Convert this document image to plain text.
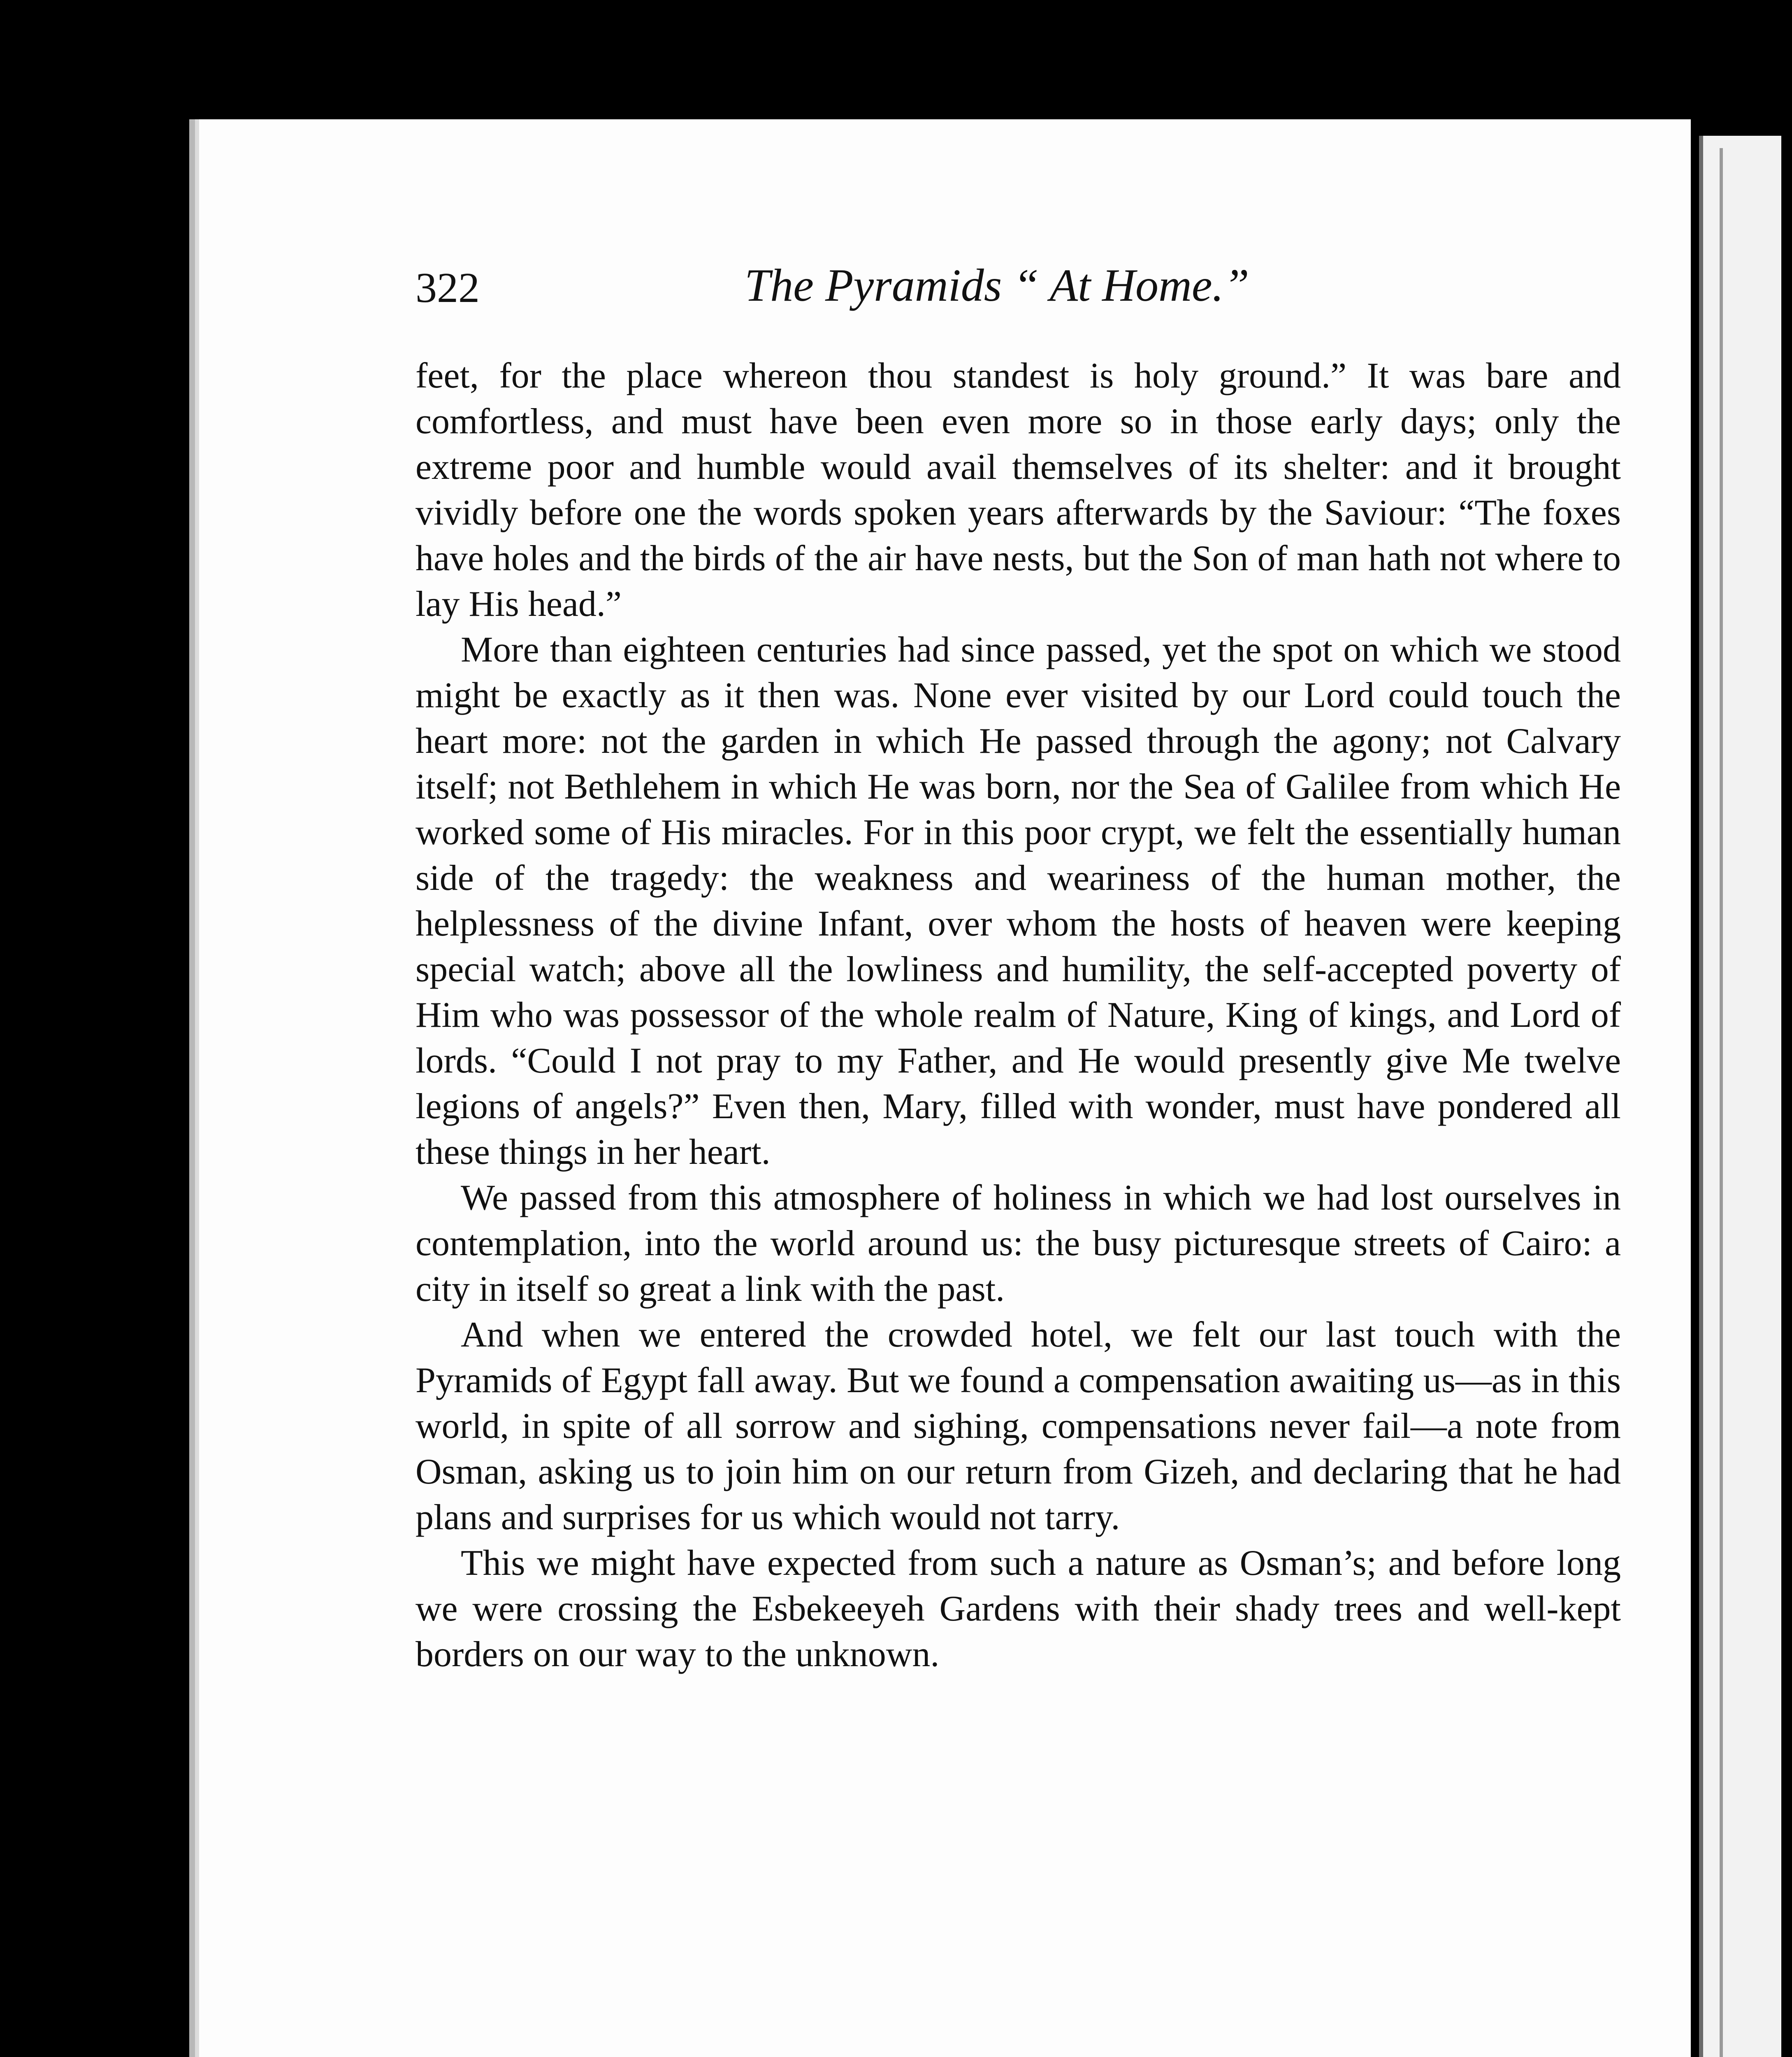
322	The Pyramids “ At Home.”

feet, for the place whereon thou standest is holy ground.” It was bare and comfortless, and must have been even more so in those early days; only the extreme poor and humble would avail themselves of its shelter: and it brought vividly before one the words spoken years afterwards by the Saviour: “The foxes have holes and the birds of the air have nests, but the Son of man hath not where to lay His head.”

More than eighteen centuries had since passed, yet the spot on which we stood might be exactly as it then was. None ever visited by our Lord could touch the heart more: not the garden in which He passed through the agony; not Calvary itself; not Bethlehem in which He was born, nor the Sea of Galilee from which He worked some of His miracles. For in this poor crypt, we felt the essentially human side of the tragedy: the weakness and weariness of the human mother, the helplessness of the divine Infant, over whom the hosts of heaven were keeping special watch; above all the lowliness and humility, the self-accepted poverty of Him who was possessor of the whole realm of Nature, King of kings, and Lord of lords. “Could I not pray to my Father, and He would presently give Me twelve legions of angels?” Even then, Mary, filled with wonder, must have pondered all these things in her heart.

We passed from this atmosphere of holiness in which we had lost ourselves in contemplation, into the world around us: the busy picturesque streets of Cairo: a city in itself so great a link with the past.

And when we entered the crowded hotel, we felt our last touch with the Pyramids of Egypt fall away. But we found a compensation awaiting us—as in this world, in spite of all sorrow and sighing, compensations never fail—a note from Osman, asking us to join him on our return from Gizeh, and declaring that he had plans and surprises for us which would not tarry.

This we might have expected from such a nature as Osman’s; and before long we were crossing the Esbekeeyeh Gardens with their shady trees and well-kept borders on our way to the unknown.
